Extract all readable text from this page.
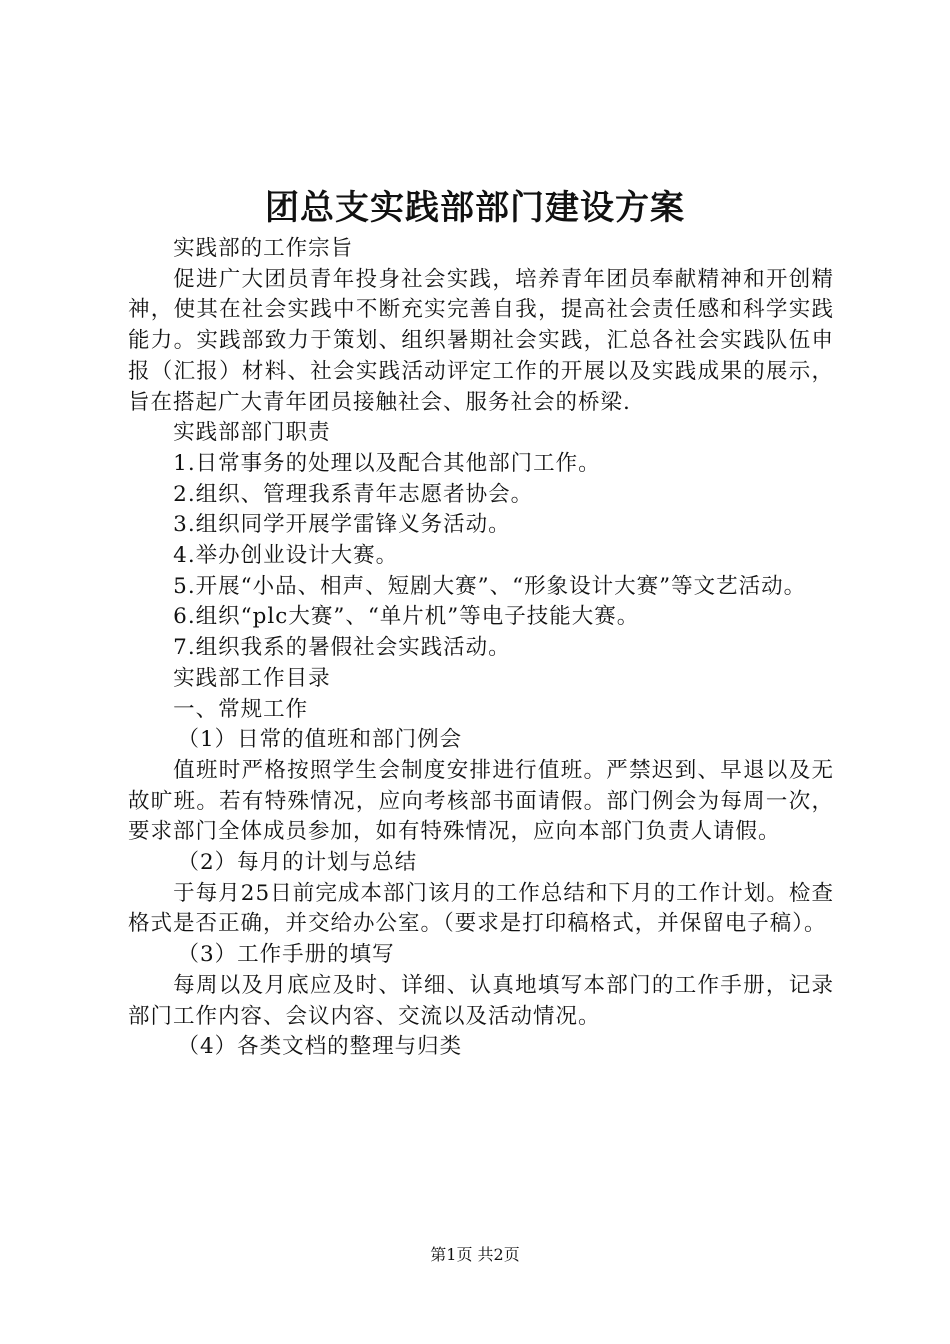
团总支实践部部门建设方案

实践部的工作宗旨

促进广大团员青年投身社会实践，培养青年团员奉献精神和开创精神，使其在社会实践中不断充实完善自我，提高社会责任感和科学实践能力。实践部致力于策划、组织暑期社会实践，汇总各社会实践队伍申报（汇报）材料、社会实践活动评定工作的开展以及实践成果的展示，旨在搭起广大青年团员接触社会、服务社会的桥梁.

实践部部门职责

1.日常事务的处理以及配合其他部门工作。

2.组织、管理我系青年志愿者协会。

3.组织同学开展学雷锋义务活动。

4.举办创业设计大赛。

5.开展“小品、相声、短剧大赛”、“形象设计大赛”等文艺活动。

6.组织“plc大赛”、“单片机”等电子技能大赛。

7.组织我系的暑假社会实践活动。

实践部工作目录

一、常规工作

（1）日常的值班和部门例会

值班时严格按照学生会制度安排进行值班。严禁迟到、早退以及无故旷班。若有特殊情况，应向考核部书面请假。部门例会为每周一次，要求部门全体成员参加，如有特殊情况，应向本部门负责人请假。

（2）每月的计划与总结

于每月25日前完成本部门该月的工作总结和下月的工作计划。检查格式是否正确，并交给办公室。（要求是打印稿格式，并保留电子稿）。

（3）工作手册的填写

每周以及月底应及时、详细、认真地填写本部门的工作手册，记录部门工作内容、会议内容、交流以及活动情况。

（4）各类文档的整理与归类

第1页 共2页
